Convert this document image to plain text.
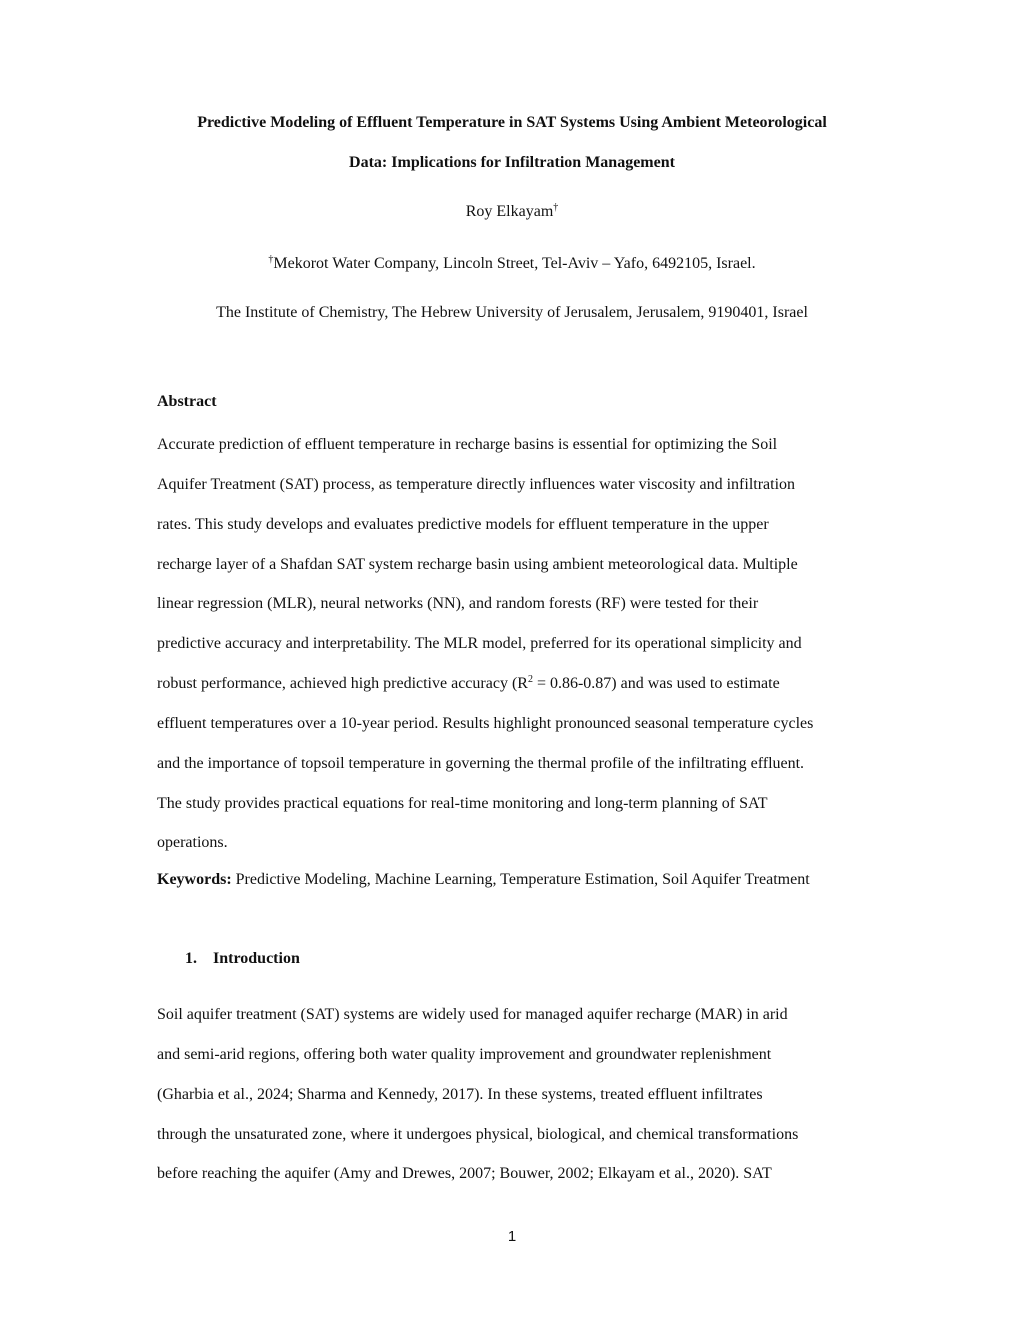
Predictive Modeling of Effluent Temperature in SAT Systems Using Ambient Meteorological

Data: Implications for Infiltration Management

Roy Elkayam†

†Mekorot Water Company, Lincoln Street, Tel-Aviv – Yafo, 6492105, Israel.

The Institute of Chemistry, The Hebrew University of Jerusalem, Jerusalem, 9190401, Israel

Abstract

Accurate prediction of effluent temperature in recharge basins is essential for optimizing the Soil
Aquifer Treatment (SAT) process, as temperature directly influences water viscosity and infiltration
rates. This study develops and evaluates predictive models for effluent temperature in the upper
recharge layer of a Shafdan SAT system recharge basin using ambient meteorological data. Multiple
linear regression (MLR), neural networks (NN), and random forests (RF) were tested for their
predictive accuracy and interpretability. The MLR model, preferred for its operational simplicity and
robust performance, achieved high predictive accuracy $(R^2 = 0.86-0.87)$ and was used to estimate
effluent temperatures over a 10-year period. Results highlight pronounced seasonal temperature cycles
and the importance of topsoil temperature in governing the thermal profile of the infiltrating effluent.
The study provides practical equations for real-time monitoring and long-term planning of SAT
operations.

Keywords: Predictive Modeling, Machine Learning, Temperature Estimation, Soil Aquifer Treatment

1. Introduction

Soil aquifer treatment (SAT) systems are widely used for managed aquifer recharge (MAR) in arid
and semi-arid regions, offering both water quality improvement and groundwater replenishment
(Gharbia et al., 2024; Sharma and Kennedy, 2017). In these systems, treated effluent infiltrates
through the unsaturated zone, where it undergoes physical, biological, and chemical transformations
before reaching the aquifer (Amy and Drewes, 2007; Bouwer, 2002; Elkayam et al., 2020). SAT

1
